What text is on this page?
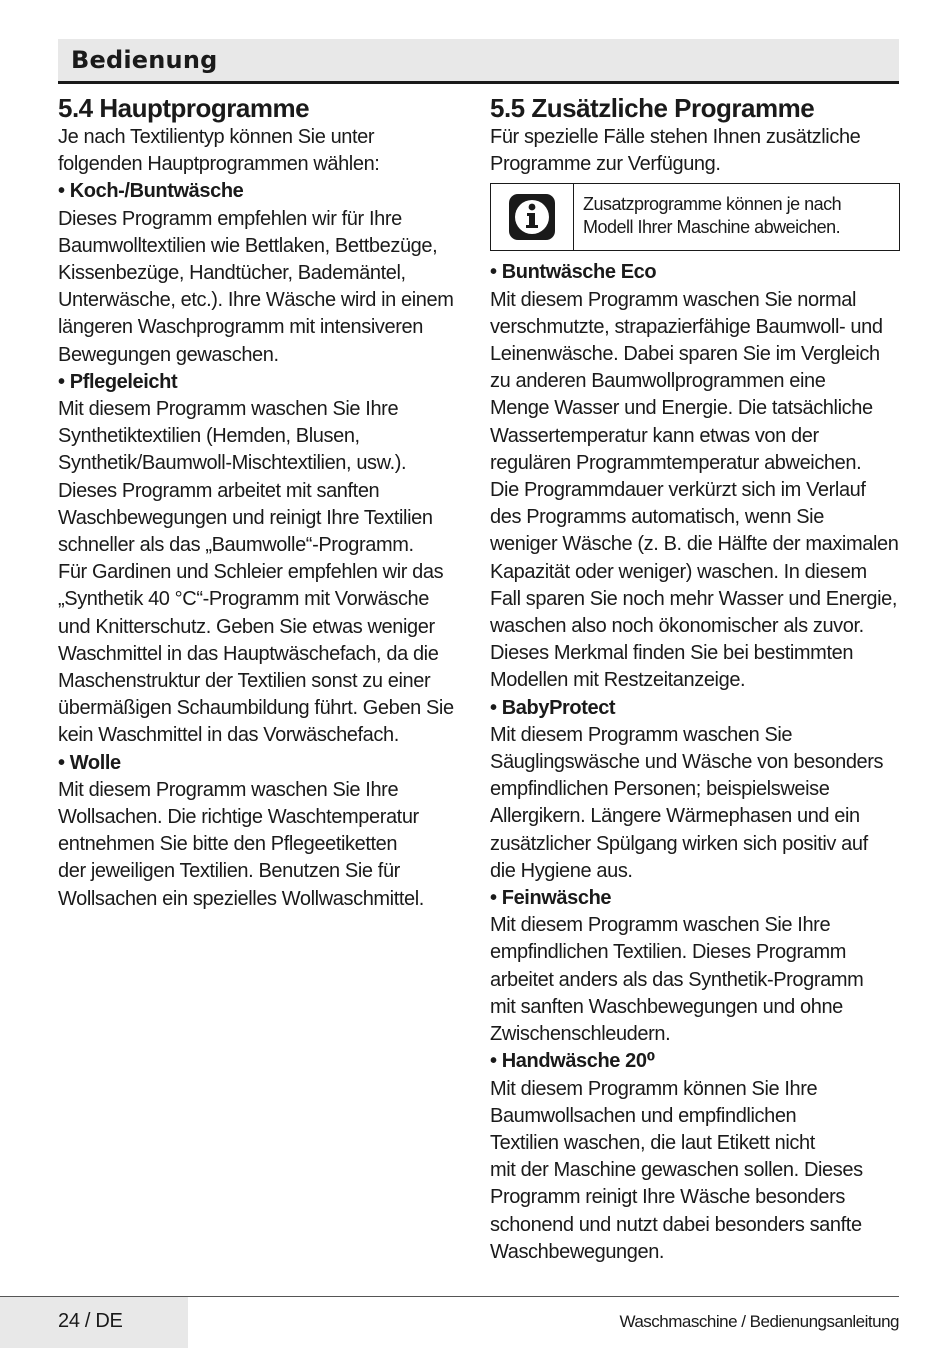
Bedienung
5.4 Hauptprogramme

Je nach Textilientyp können Sie unter
folgenden Hauptprogrammen wählen:

• Koch-/Buntwäsche

Dieses Programm empfehlen wir für Ihre
Baumwolltextilien wie Bettlaken, Bettbezüge,
Kissenbezüge, Handtücher, Bademäntel,
Unterwäsche, etc.). Ihre Wäsche wird in einem
längeren Waschprogramm mit intensiveren
Bewegungen gewaschen.

• Pflegeleicht

Mit diesem Programm waschen Sie Ihre
Synthetiktextilien (Hemden, Blusen,
Synthetik/Baumwoll-Mischtextilien, usw.).
Dieses Programm arbeitet mit sanften
Waschbewegungen und reinigt Ihre Textilien
schneller als das „Baumwolle“-Programm.
Für Gardinen und Schleier empfehlen wir das
„Synthetik 40 °C“-Programm mit Vorwäsche
und Knitterschutz. Geben Sie etwas weniger
Waschmittel in das Hauptwäschefach, da die
Maschenstruktur der Textilien sonst zu einer
übermäßigen Schaumbildung führt. Geben Sie
kein Waschmittel in das Vorwäschefach.

• Wolle

Mit diesem Programm waschen Sie Ihre
Wollsachen. Die richtige Waschtemperatur
entnehmen Sie bitte den Pflegeetiketten
der jeweiligen Textilien. Benutzen Sie für
Wollsachen ein spezielles Wollwaschmittel.

5.5 Zusätzliche Programme

Für spezielle Fälle stehen Ihnen zusätzliche
Programme zur Verfügung.

Zusatzprogramme können je nach
Modell Ihrer Maschine abweichen.

• Buntwäsche Eco

Mit diesem Programm waschen Sie normal
verschmutzte, strapazierfähige Baumwoll- und
Leinenwäsche. Dabei sparen Sie im Vergleich
zu anderen Baumwollprogrammen eine
Menge Wasser und Energie. Die tatsächliche
Wassertemperatur kann etwas von der
regulären Programmtemperatur abweichen.
Die Programmdauer verkürzt sich im Verlauf
des Programms automatisch, wenn Sie
weniger Wäsche (z. B. die Hälfte der maximalen
Kapazität oder weniger) waschen. In diesem
Fall sparen Sie noch mehr Wasser und Energie,
waschen also noch ökonomischer als zuvor.
Dieses Merkmal finden Sie bei bestimmten
Modellen mit Restzeitanzeige.

• BabyProtect

Mit diesem Programm waschen Sie
Säuglingswäsche und Wäsche von besonders
empfindlichen Personen; beispielsweise
Allergikern. Längere Wärmephasen und ein
zusätzlicher Spülgang wirken sich positiv auf
die Hygiene aus.

• Feinwäsche

Mit diesem Programm waschen Sie Ihre
empfindlichen Textilien. Dieses Programm
arbeitet anders als das Synthetik-Programm
mit sanften Waschbewegungen und ohne
Zwischenschleudern.

• Handwäsche 20⁰

Mit diesem Programm können Sie Ihre
Baumwollsachen und empfindlichen
Textilien waschen, die laut Etikett nicht
mit der Maschine gewaschen sollen. Dieses
Programm reinigt Ihre Wäsche besonders
schonend und nutzt dabei besonders sanfte
Waschbewegungen.

24 / DE	Waschmaschine / Bedienungsanleitung
